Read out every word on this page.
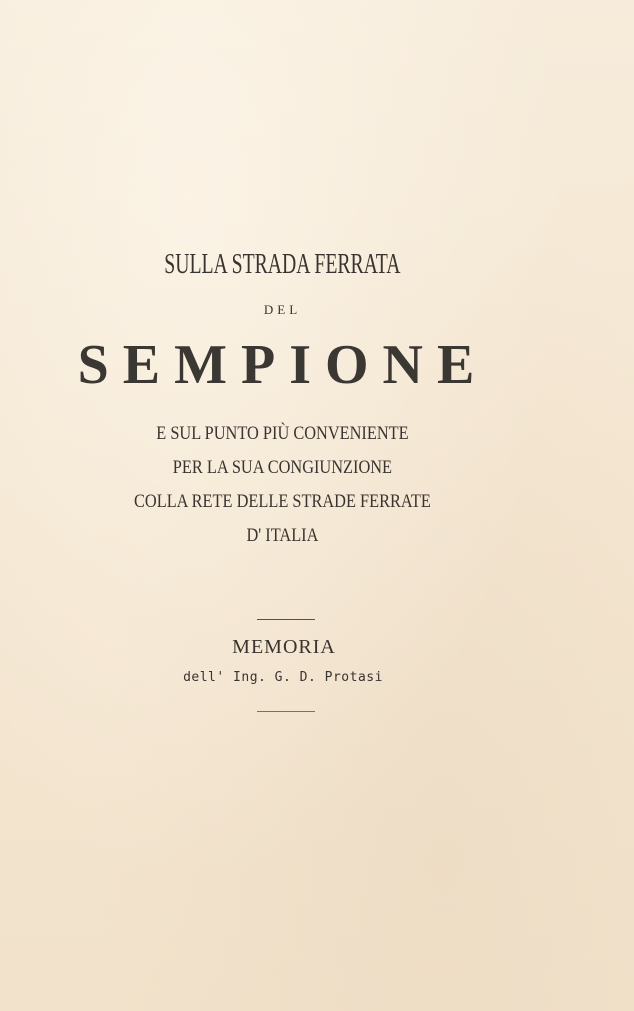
SULLA STRADA FERRATA
DEL
SEMPIONE
E SUL PUNTO PIÙ CONVENIENTE
PER LA SUA CONGIUNZIONE
COLLA RETE DELLE STRADE FERRATE
D' ITALIA
MEMORIA
dell' Ing. G. D. Protasi
